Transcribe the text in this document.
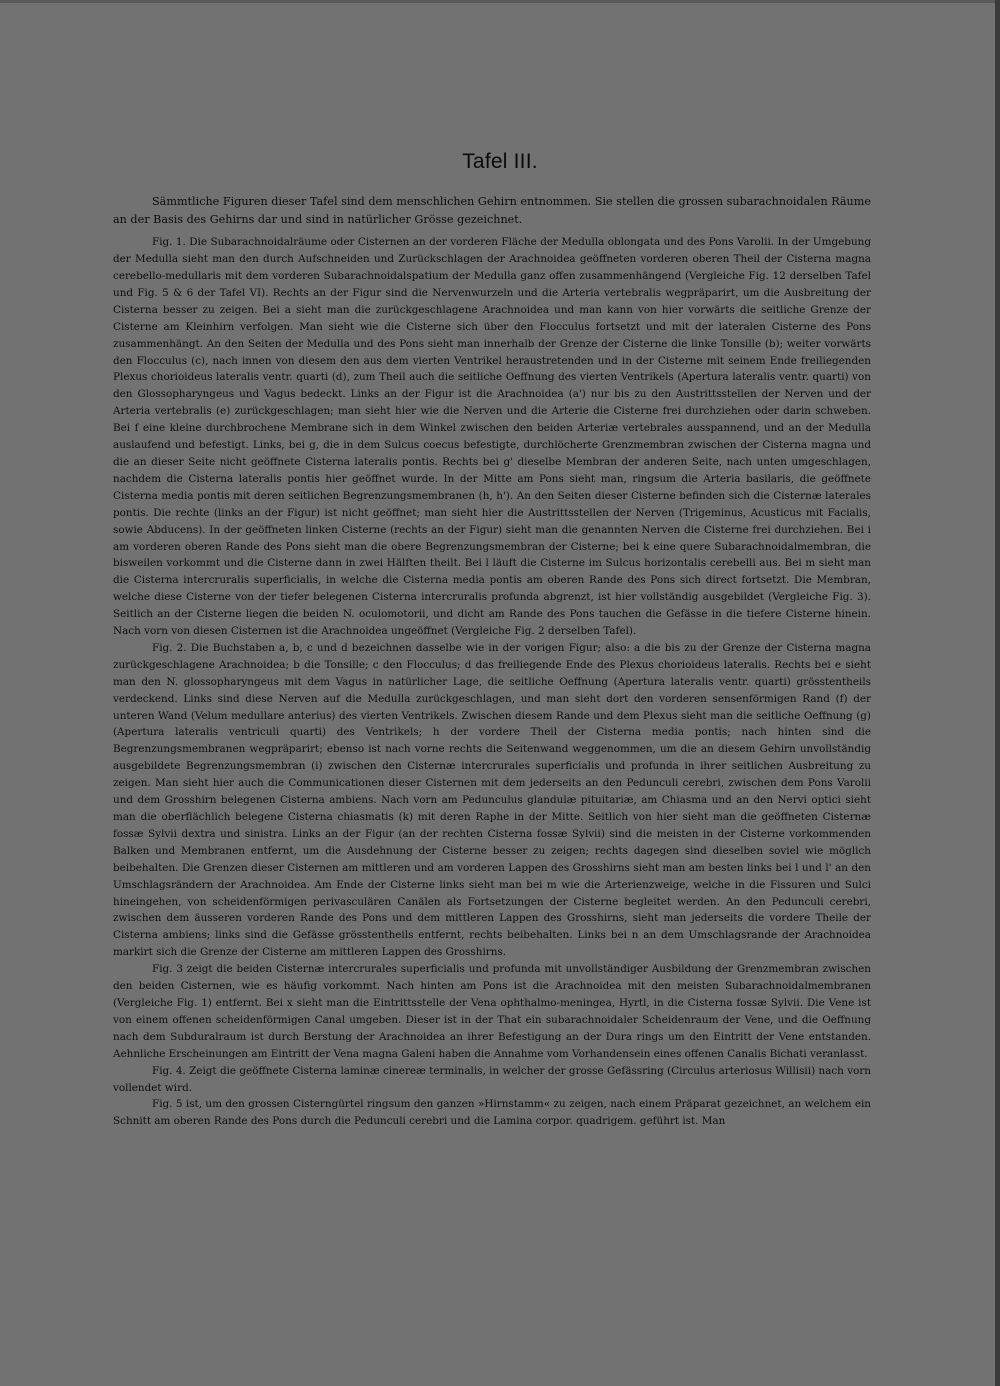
Tafel III.

Sämmtliche Figuren dieser Tafel sind dem menschlichen Gehirn entnommen. Sie stellen die grossen subarachnoidalen Räume an der Basis des Gehirns dar und sind in natürlicher Grösse gezeichnet.

Fig. 1. Die Subarachnoidalräume oder Cisternen an der vorderen Fläche der Medulla oblongata und des Pons Varolii. In der Umgebung der Medulla sieht man den durch Aufschneiden und Zurückschlagen der Arachnoidea geöffneten vorderen oberen Theil der Cisterna magna cerebello-medullaris mit dem vorderen Subarachnoidalspatium der Medulla ganz offen zusammenhängend (Vergleiche Fig. 12 derselben Tafel und Fig. 5 & 6 der Tafel VI). Rechts an der Figur sind die Nervenwurzeln und die Arteria vertebralis wegpräparirt, um die Ausbreitung der Cisterna besser zu zeigen. Bei a sieht man die zurückgeschlagene Arachnoidea und man kann von hier vorwärts die seitliche Grenze der Cisterne am Kleinhirn verfolgen. Man sieht wie die Cisterne sich über den Flocculus fortsetzt und mit der lateralen Cisterne des Pons zusammenhängt. An den Seiten der Medulla und des Pons sieht man innerhalb der Grenze der Cisterne die linke Tonsille (b); weiter vorwärts den Flocculus (c), nach innen von diesem den aus dem vierten Ventrikel heraustretenden und in der Cisterne mit seinem Ende freiliegenden Plexus chorioideus lateralis ventr. quarti (d), zum Theil auch die seitliche Oeffnung des vierten Ventrikels (Apertura lateralis ventr. quarti) von den Glossopharyngeus und Vagus bedeckt. Links an der Figur ist die Arachnoidea (a') nur bis zu den Austrittsstellen der Nerven und der Arteria vertebralis (e) zurückgeschlagen; man sieht hier wie die Nerven und die Arterie die Cisterne frei durchziehen oder darin schweben. Bei f eine kleine durchbrochene Membrane sich in dem Winkel zwischen den beiden Arteriæ vertebrales ausspannend, und an der Medulla auslaufend und befestigt. Links, bei g, die in dem Sulcus coecus befestigte, durchlöcherte Grenzmembran zwischen der Cisterna magna und die an dieser Seite nicht geöffnete Cisterna lateralis pontis. Rechts bei g' dieselbe Membran der anderen Seite, nach unten umgeschlagen, nachdem die Cisterna lateralis pontis hier geöffnet wurde. In der Mitte am Pons sieht man, ringsum die Arteria basilaris, die geöffnete Cisterna media pontis mit deren seitlichen Begrenzungsmembranen (h, h'). An den Seiten dieser Cisterne befinden sich die Cisternæ laterales pontis. Die rechte (links an der Figur) ist nicht geöffnet; man sieht hier die Austrittsstellen der Nerven (Trigeminus, Acusticus mit Facialis, sowie Abducens). In der geöffneten linken Cisterne (rechts an der Figur) sieht man die genannten Nerven die Cisterne frei durchziehen. Bei i am vorderen oberen Rande des Pons sieht man die obere Begrenzungsmembran der Cisterne; bei k eine quere Subarachnoidalmembran, die bisweilen vorkommt und die Cisterne dann in zwei Hälften theilt. Bei l läuft die Cisterne im Sulcus horizontalis cerebelli aus. Bei m sieht man die Cisterna intercruralis superficialis, in welche die Cisterna media pontis am oberen Rande des Pons sich direct fortsetzt. Die Membran, welche diese Cisterne von der tiefer belegenen Cisterna intercruralis profunda abgrenzt, ist hier vollständig ausgebildet (Vergleiche Fig. 3). Seitlich an der Cisterne liegen die beiden N. oculomotorii, und dicht am Rande des Pons tauchen die Gefässe in die tiefere Cisterne hinein. Nach vorn von diesen Cisternen ist die Arachnoidea ungeöffnet (Vergleiche Fig. 2 derselben Tafel).

Fig. 2. Die Buchstaben a, b, c und d bezeichnen dasselbe wie in der vorigen Figur; also: a die bis zu der Grenze der Cisterna magna zurückgeschlagene Arachnoidea; b die Tonsille; c den Flocculus; d das freiliegende Ende des Plexus chorioideus lateralis. Rechts bei e sieht man den N. glossopharyngeus mit dem Vagus in natürlicher Lage, die seitliche Oeffnung (Apertura lateralis ventr. quarti) grösstentheils verdeckend. Links sind diese Nerven auf die Medulla zurückgeschlagen, und man sieht dort den vorderen sensenförmigen Rand (f) der unteren Wand (Velum medullare anterius) des vierten Ventrikels. Zwischen diesem Rande und dem Plexus sieht man die seitliche Oeffnung (g) (Apertura lateralis ventriculi quarti) des Ventrikels; h der vordere Theil der Cisterna media pontis; nach hinten sind die Begrenzungsmembranen wegpräparirt; ebenso ist nach vorne rechts die Seitenwand weggenommen, um die an diesem Gehirn unvollständig ausgebildete Begrenzungsmembran (i) zwischen den Cisternæ intercrurales superficialis und profunda in ihrer seitlichen Ausbreitung zu zeigen. Man sieht hier auch die Communicationen dieser Cisternen mit dem jederseits an den Pedunculi cerebri, zwischen dem Pons Varolii und dem Grosshirn belegenen Cisterna ambiens. Nach vorn am Pedunculus glandulæ pituitariæ, am Chiasma und an den Nervi optici sieht man die oberflächlich belegene Cisterna chiasmatis (k) mit deren Raphe in der Mitte. Seitlich von hier sieht man die geöffneten Cisternæ fossæ Sylvii dextra und sinistra. Links an der Figur (an der rechten Cisterna fossæ Sylvii) sind die meisten in der Cisterne vorkommenden Balken und Membranen entfernt, um die Ausdehnung der Cisterne besser zu zeigen; rechts dagegen sind dieselben soviel wie möglich beibehalten. Die Grenzen dieser Cisternen am mittleren und am vorderen Lappen des Grosshirns sieht man am besten links bei l und l' an den Umschlagsrändern der Arachnoidea. Am Ende der Cisterne links sieht man bei m wie die Arterienzweige, welche in die Fissuren und Sulci hineingehen, von scheidenförmigen perivasculären Canälen als Fortsetzungen der Cisterne begleitet werden. An den Pedunculi cerebri, zwischen dem äusseren vorderen Rande des Pons und dem mittleren Lappen des Grosshirns, sieht man jederseits die vordere Theile der Cisterna ambiens; links sind die Gefässe grösstentheils entfernt, rechts beibehalten. Links bei n an dem Umschlagsrande der Arachnoidea markirt sich die Grenze der Cisterne am mittleren Lappen des Grosshirns.

Fig. 3 zeigt die beiden Cisternæ intercrurales superficialis und profunda mit unvollständiger Ausbildung der Grenzmembran zwischen den beiden Cisternen, wie es häufig vorkommt. Nach hinten am Pons ist die Arachnoidea mit den meisten Subarachnoidalmembranen (Vergleiche Fig. 1) entfernt. Bei x sieht man die Eintrittsstelle der Vena ophthalmo-meningea, Hyrtl, in die Cisterna fossæ Sylvii. Die Vene ist von einem offenen scheidenförmigen Canal umgeben. Dieser ist in der That ein subarachnoidaler Scheidenraum der Vene, und die Oeffnung nach dem Subduralraum ist durch Berstung der Arachnoidea an ihrer Befestigung an der Dura rings um den Eintritt der Vene entstanden. Aehnliche Erscheinungen am Eintritt der Vena magna Galeni haben die Annahme vom Vorhandensein eines offenen Canalis Bichati veranlasst.

Fig. 4. Zeigt die geöffnete Cisterna laminæ cinereæ terminalis, in welcher der grosse Gefässring (Circulus arteriosus Willisii) nach vorn vollendet wird.

Fig. 5 ist, um den grossen Cisterngürtel ringsum den ganzen »Hirnstamm« zu zeigen, nach einem Präparat gezeichnet, an welchem ein Schnitt am oberen Rande des Pons durch die Pedunculi cerebri und die Lamina corpor. quadrigem. geführt ist. Man
